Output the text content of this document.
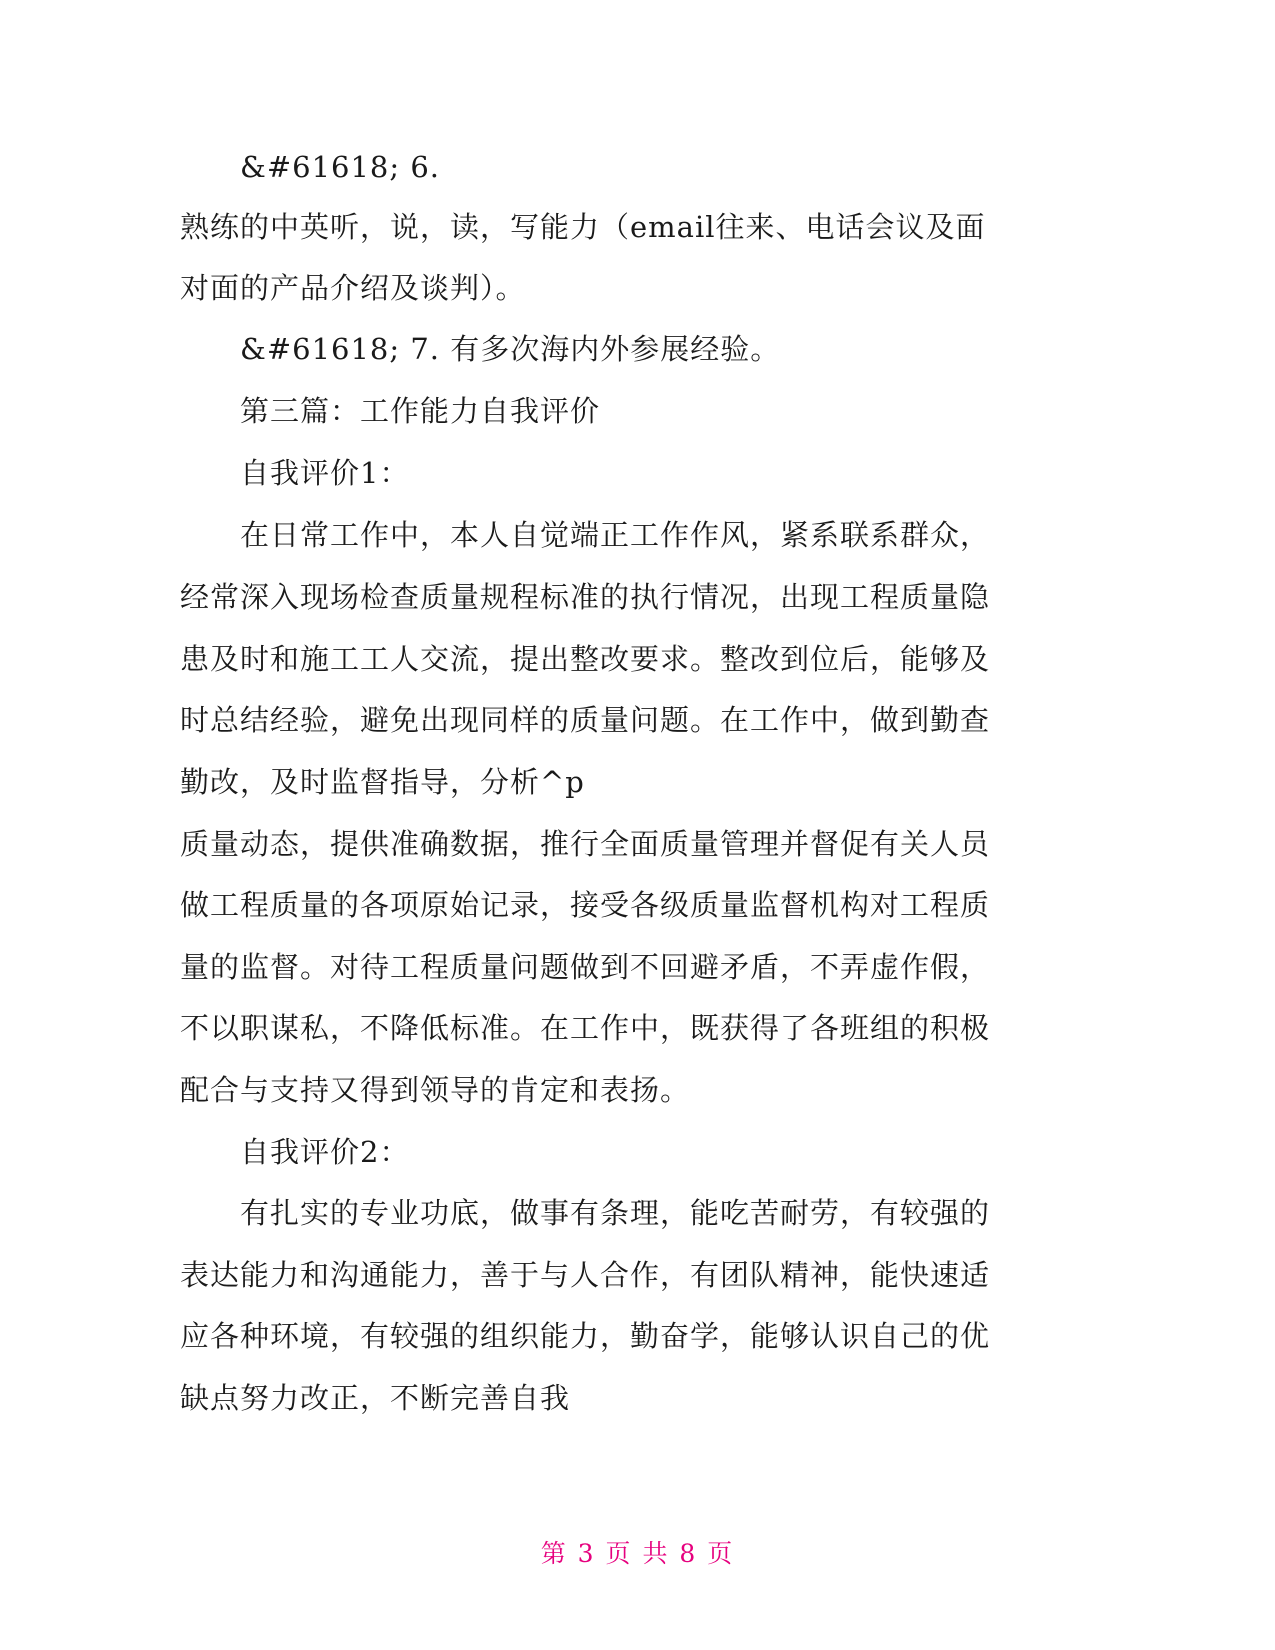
&#61618; 6.
熟练的中英听，说，读，写能力（email往来、电话会议及面
对面的产品介绍及谈判）。
&#61618; 7. 有多次海内外参展经验。
第三篇：工作能力自我评价
自我评价1：
在日常工作中，本人自觉端正工作作风，紧系联系群众，
经常深入现场检查质量规程标准的执行情况，出现工程质量隐
患及时和施工工人交流，提出整改要求。整改到位后，能够及
时总结经验，避免出现同样的质量问题。在工作中，做到勤查
勤改，及时监督指导，分析^p
质量动态，提供准确数据，推行全面质量管理并督促有关人员
做工程质量的各项原始记录，接受各级质量监督机构对工程质
量的监督。对待工程质量问题做到不回避矛盾，不弄虚作假，
不以职谋私，不降低标准。在工作中，既获得了各班组的积极
配合与支持又得到领导的肯定和表扬。
自我评价2：
有扎实的专业功底，做事有条理，能吃苦耐劳，有较强的
表达能力和沟通能力，善于与人合作，有团队精神，能快速适
应各种环境，有较强的组织能力，勤奋学，能够认识自己的优
缺点努力改正，不断完善自我
第 3 页 共 8 页
